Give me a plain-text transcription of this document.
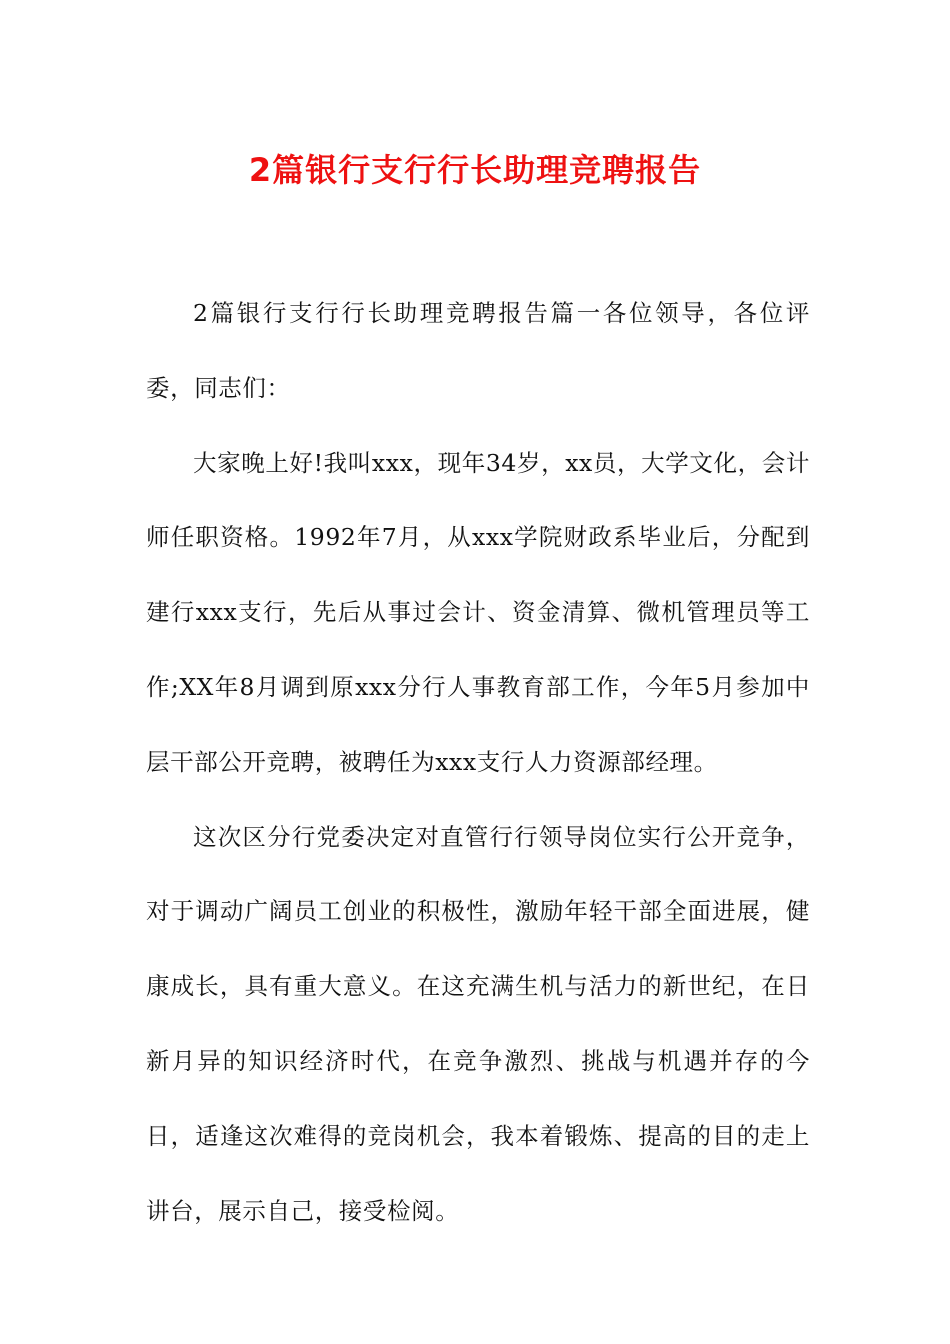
2篇银行支行行长助理竞聘报告

2篇银行支行行长助理竞聘报告篇一各位领导，各位评委，同志们：

大家晚上好!我叫xxx，现年34岁，xx员，大学文化，会计师任职资格。1992年7月，从xxx学院财政系毕业后，分配到建行xxx支行，先后从事过会计、资金清算、微机管理员等工作;XX年8月调到原xxx分行人事教育部工作，今年5月参加中层干部公开竞聘，被聘任为xxx支行人力资源部经理。

这次区分行党委决定对直管行行领导岗位实行公开竞争，对于调动广阔员工创业的积极性，激励年轻干部全面进展，健康成长，具有重大意义。在这充满生机与活力的新世纪，在日新月异的知识经济时代，在竞争激烈、挑战与机遇并存的今日，适逢这次难得的竞岗机会，我本着锻炼、提高的目的走上讲台，展示自己，接受检阅。
